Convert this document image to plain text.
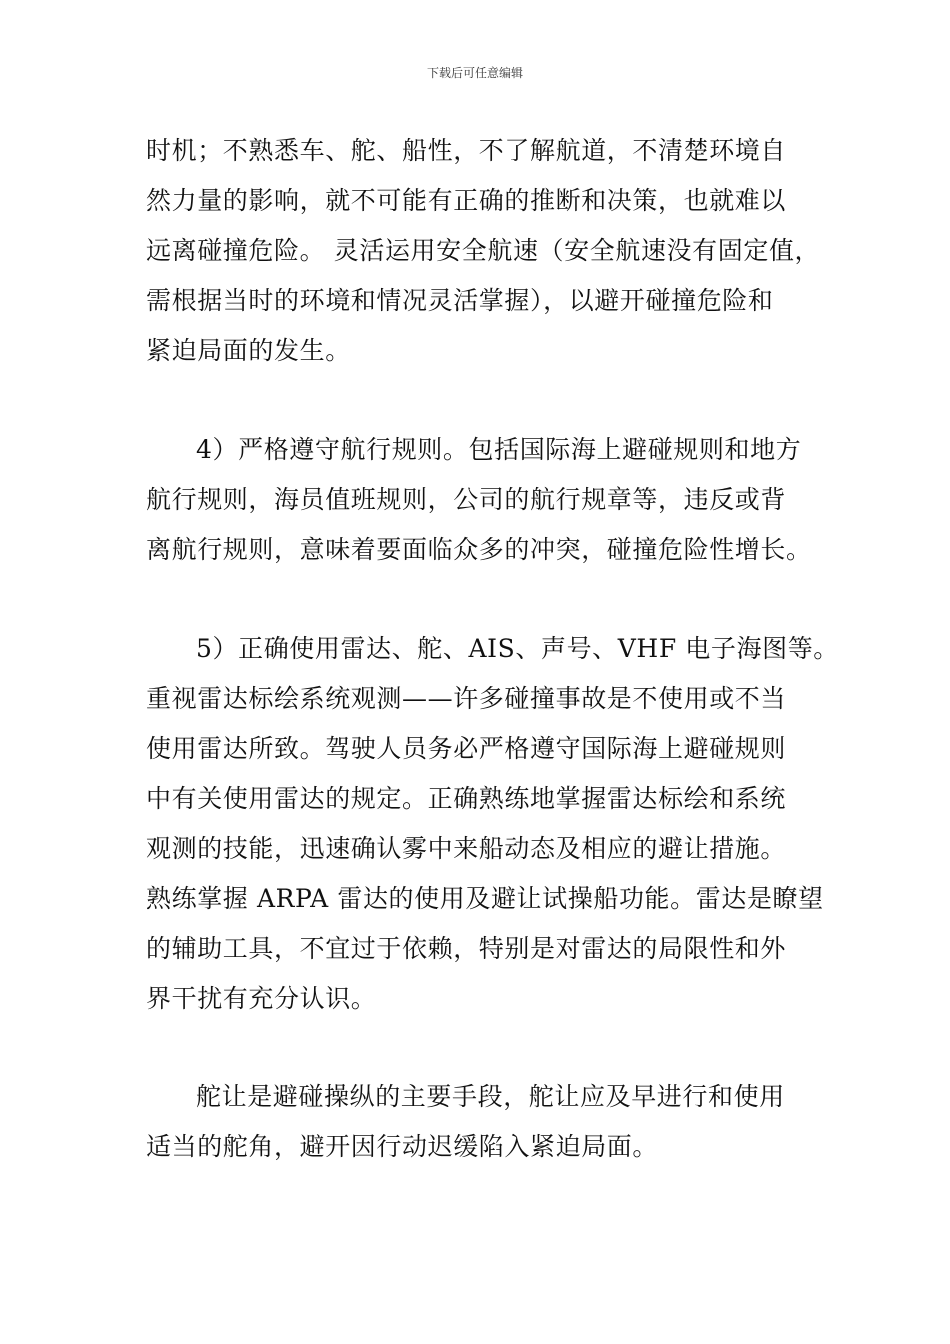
下载后可任意编辑
时机；不熟悉车、舵、船性，不了解航道，不清楚环境自
然力量的影响，就不可能有正确的推断和决策，也就难以
远离碰撞危险。 灵活运用安全航速（安全航速没有固定值，
需根据当时的环境和情况灵活掌握），以避开碰撞危险和
紧迫局面的发生。
4）严格遵守航行规则。包括国际海上避碰规则和地方
航行规则，海员值班规则，公司的航行规章等，违反或背
离航行规则，意味着要面临众多的冲突，碰撞危险性增长。
5）正确使用雷达、舵、AIS、声号、VHF 电子海图等。
重视雷达标绘系统观测——许多碰撞事故是不使用或不当
使用雷达所致。驾驶人员务必严格遵守国际海上避碰规则
中有关使用雷达的规定。正确熟练地掌握雷达标绘和系统
观测的技能，迅速确认雾中来船动态及相应的避让措施。
熟练掌握 ARPA 雷达的使用及避让试操船功能。雷达是瞭望
的辅助工具，不宜过于依赖，特别是对雷达的局限性和外
界干扰有充分认识。
舵让是避碰操纵的主要手段，舵让应及早进行和使用
适当的舵角，避开因行动迟缓陷入紧迫局面。
